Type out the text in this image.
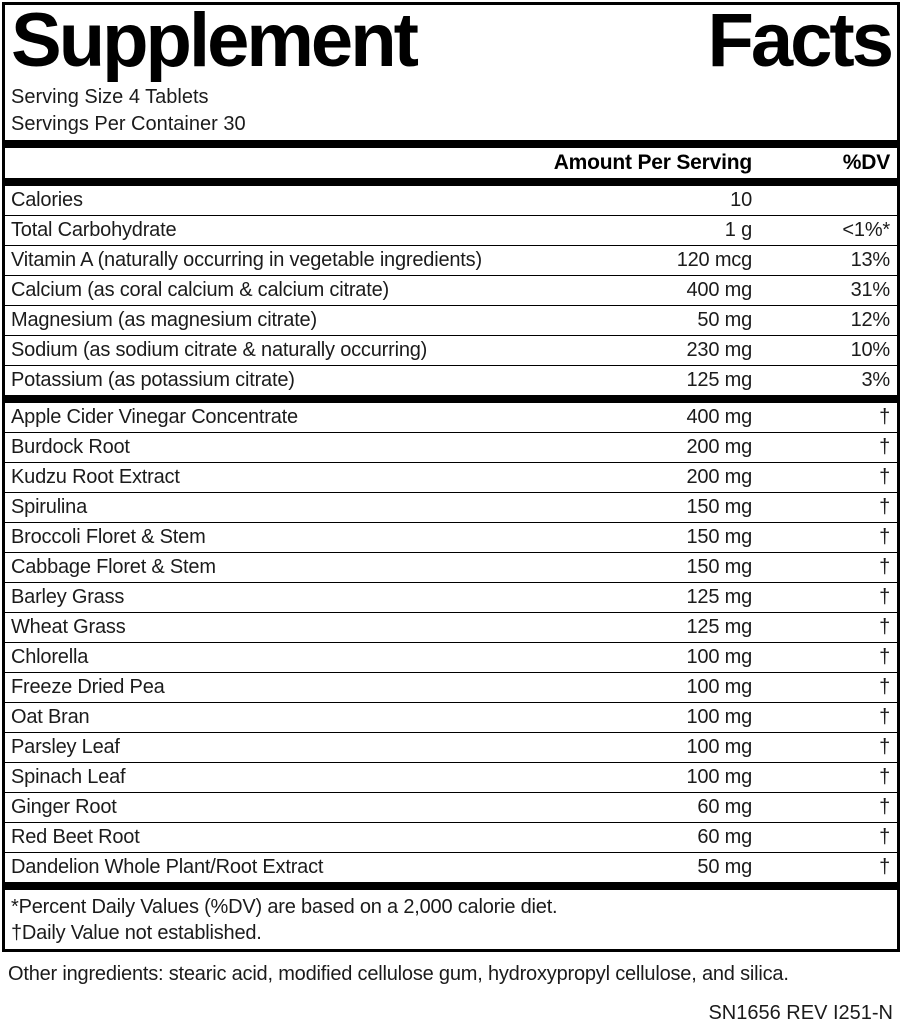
Supplement	Facts
Serving Size 4 Tablets
Servings Per Container 30
Amount Per Serving	%DV
Calories	10
Total Carbohydrate	1 g	<1%*
Vitamin A (naturally occurring in vegetable ingredients)	120 mcg	13%
Calcium (as coral calcium & calcium citrate)	400 mg	31%
Magnesium (as magnesium citrate)	50 mg	12%
Sodium (as sodium citrate & naturally occurring)	230 mg	10%
Potassium (as potassium citrate)	125 mg	3%
Apple Cider Vinegar Concentrate	400 mg	†
Burdock Root	200 mg	†
Kudzu Root Extract	200 mg	†
Spirulina	150 mg	†
Broccoli Floret & Stem	150 mg	†
Cabbage Floret & Stem	150 mg	†
Barley Grass	125 mg	†
Wheat Grass	125 mg	†
Chlorella	100 mg	†
Freeze Dried Pea	100 mg	†
Oat Bran	100 mg	†
Parsley Leaf	100 mg	†
Spinach Leaf	100 mg	†
Ginger Root	60 mg	†
Red Beet Root	60 mg	†
Dandelion Whole Plant/Root Extract	50 mg	†
*Percent Daily Values (%DV) are based on a 2,000 calorie diet.
†Daily Value not established.
Other ingredients: stearic acid, modified cellulose gum, hydroxypropyl cellulose, and silica.
SN1656 REV I251-N
